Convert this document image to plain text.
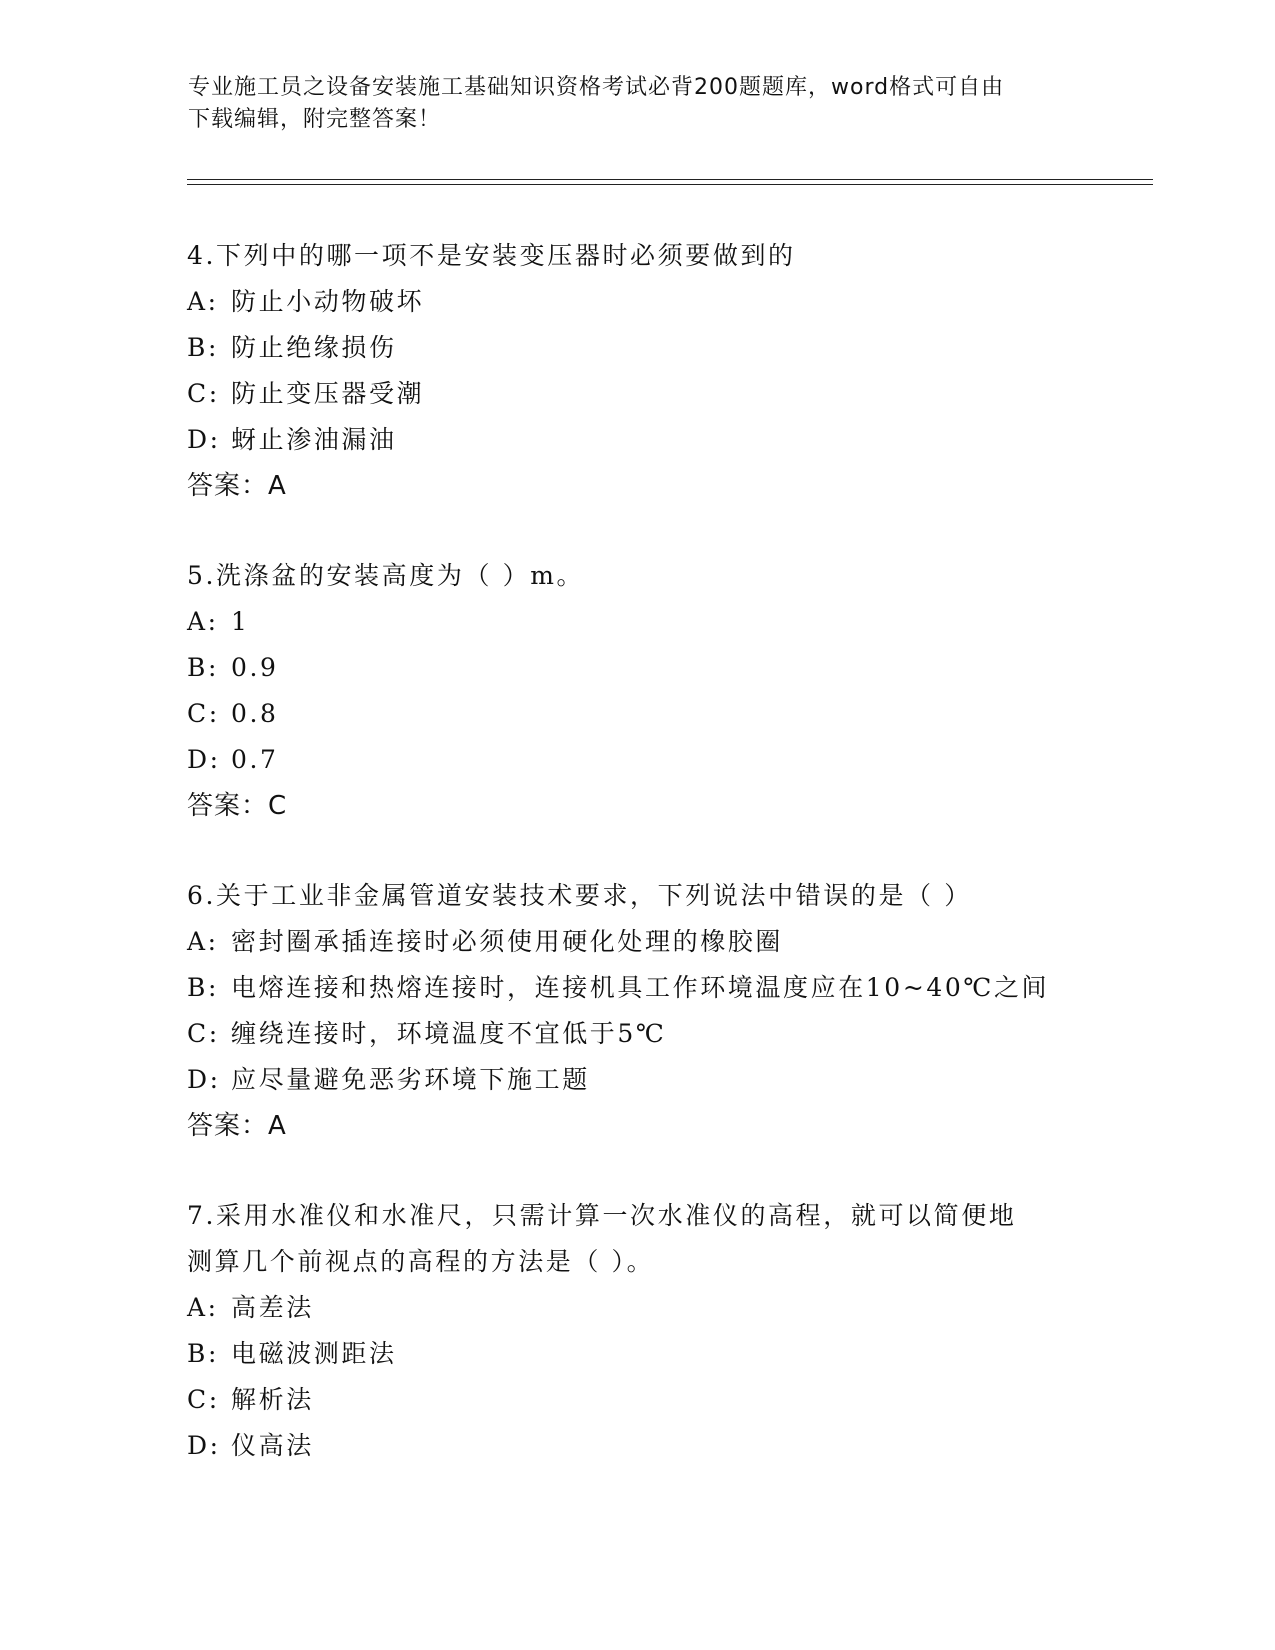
专业施工员之设备安装施工基础知识资格考试必背200题题库，word格式可自由
下载编辑，附完整答案！
4.下列中的哪一项不是安装变压器时必须要做到的
A: 防止小动物破坏
B: 防止绝缘损伤
C: 防止变压器受潮
D: 蚜止渗油漏油
答案：A
5.洗涤盆的安装高度为（ ）m。
A: 1
B: 0.9
C: 0.8
D: 0.7
答案：C
6.关于工业非金属管道安装技术要求，下列说法中错误的是（ ）
A: 密封圈承插连接时必须使用硬化处理的橡胶圈
B: 电熔连接和热熔连接时，连接机具工作环境温度应在10~40℃之间
C: 缠绕连接时，环境温度不宜低于5℃
D: 应尽量避免恶劣环境下施工题
答案：A
7.采用水准仪和水准尺，只需计算一次水准仪的高程，就可以简便地
测算几个前视点的高程的方法是（ ）。
A: 高差法
B: 电磁波测距法
C: 解析法
D: 仪高法
